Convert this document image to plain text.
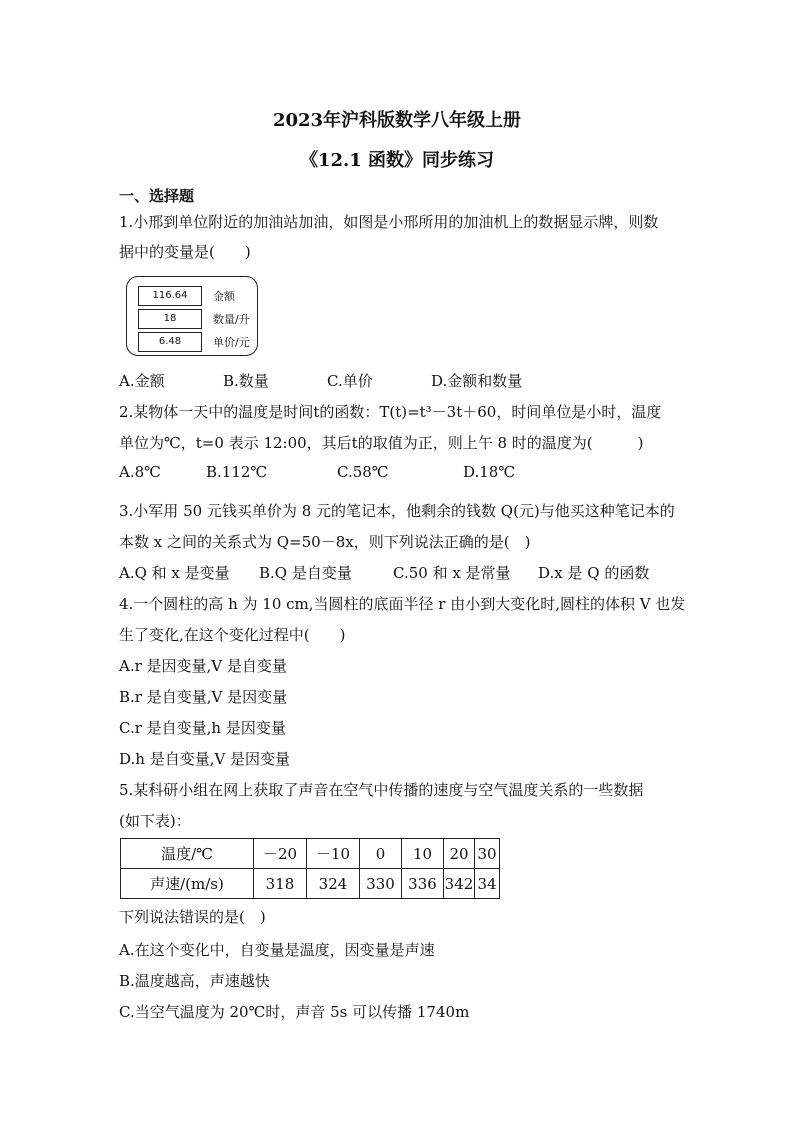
2023年沪科版数学八年级上册
《12.1 函数》同步练习
一、选择题
1.小邢到单位附近的加油站加油，如图是小邢所用的加油机上的数据显示牌，则数
据中的变量是(　　)
116.64	金额
18	数量/升
6.48	单价/元
A.金额	B.数量	C.单价	D.金额和数量
2.某物体一天中的温度是时间t的函数：T(t)=t³－3t＋60，时间单位是小时，温度
单位为℃，t=0 表示 12:00，其后t的取值为正，则上午 8 时的温度为(　　　)
A.8℃	B.112℃	C.58℃	D.18℃
3.小军用 50 元钱买单价为 8 元的笔记本，他剩余的钱数 Q(元)与他买这种笔记本的
本数 x 之间的关系式为 Q=50－8x，则下列说法正确的是(　)
A.Q 和 x 是变量 B.Q 是自变量	C.50 和 x 是常量 D.x 是 Q 的函数
4.一个圆柱的高 h 为 10 cm,当圆柱的底面半径 r 由小到大变化时,圆柱的体积 V 也发
生了变化,在这个变化过程中(　　)
A.r 是因变量,V 是自变量
B.r 是自变量,V 是因变量
C.r 是自变量,h 是因变量
D.h 是自变量,V 是因变量
5.某科研小组在网上获取了声音在空气中传播的速度与空气温度关系的一些数据
(如下表)：
温度/℃	－20	－10	0	10	20	30
声速/(m/s)	318	324	330	336	342	34
下列说法错误的是(　)
A.在这个变化中，自变量是温度，因变量是声速
B.温度越高，声速越快
C.当空气温度为 20℃时，声音 5s 可以传播 1740m
